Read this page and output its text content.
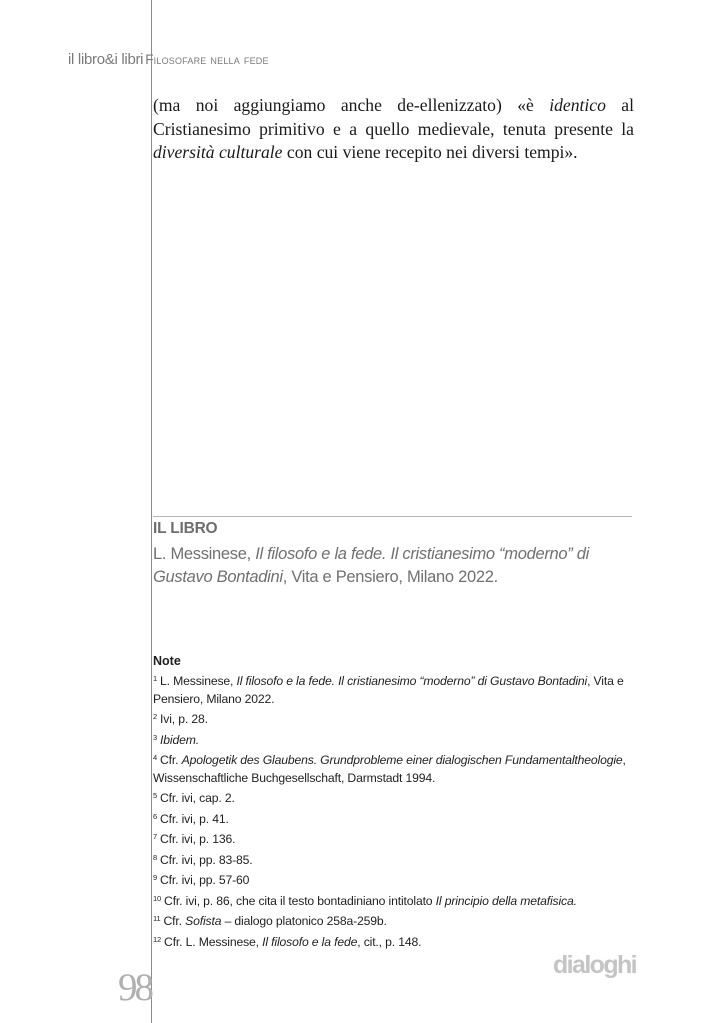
il libro&i libri Filosofare nella fede

(ma noi aggiungiamo anche de-ellenizzato) «è identico al Cristianesimo primitivo e a quello medievale, tenuta presente la diversità culturale con cui viene recepito nei diversi tempi».

IL LIBRO
L. Messinese, Il filosofo e la fede. Il cristianesimo “moderno” di Gustavo Bontadini, Vita e Pensiero, Milano 2022.
Note

$^1$ L. Messinese, Il filosofo e la fede. Il cristianesimo “moderno” di Gustavo Bontadini, Vita e Pensiero, Milano 2022.

$^2$ Ivi, p. 28.

$^3$ Ibidem.

$^4$ Cfr. Apologetik des Glaubens. Grundprobleme einer dialogischen Fundamentaltheologie, Wissenschaftliche Buchgesellschaft, Darmstadt 1994.

$^5$ Cfr. ivi, cap. 2.

$^6$ Cfr. ivi, p. 41.

$^7$ Cfr. ivi, p. 136.

$^8$ Cfr. ivi, pp. 83-85.

$^9$ Cfr. ivi, pp. 57-60

$^{10}$ Cfr. ivi, p. 86, che cita il testo bontadiniano intitolato Il principio della metafisica.

$^{11}$ Cfr. Sofista – dialogo platonico 258a-259b.

$^{12}$ Cfr. L. Messinese, Il filosofo e la fede, cit., p. 148.

98
dialoghi
